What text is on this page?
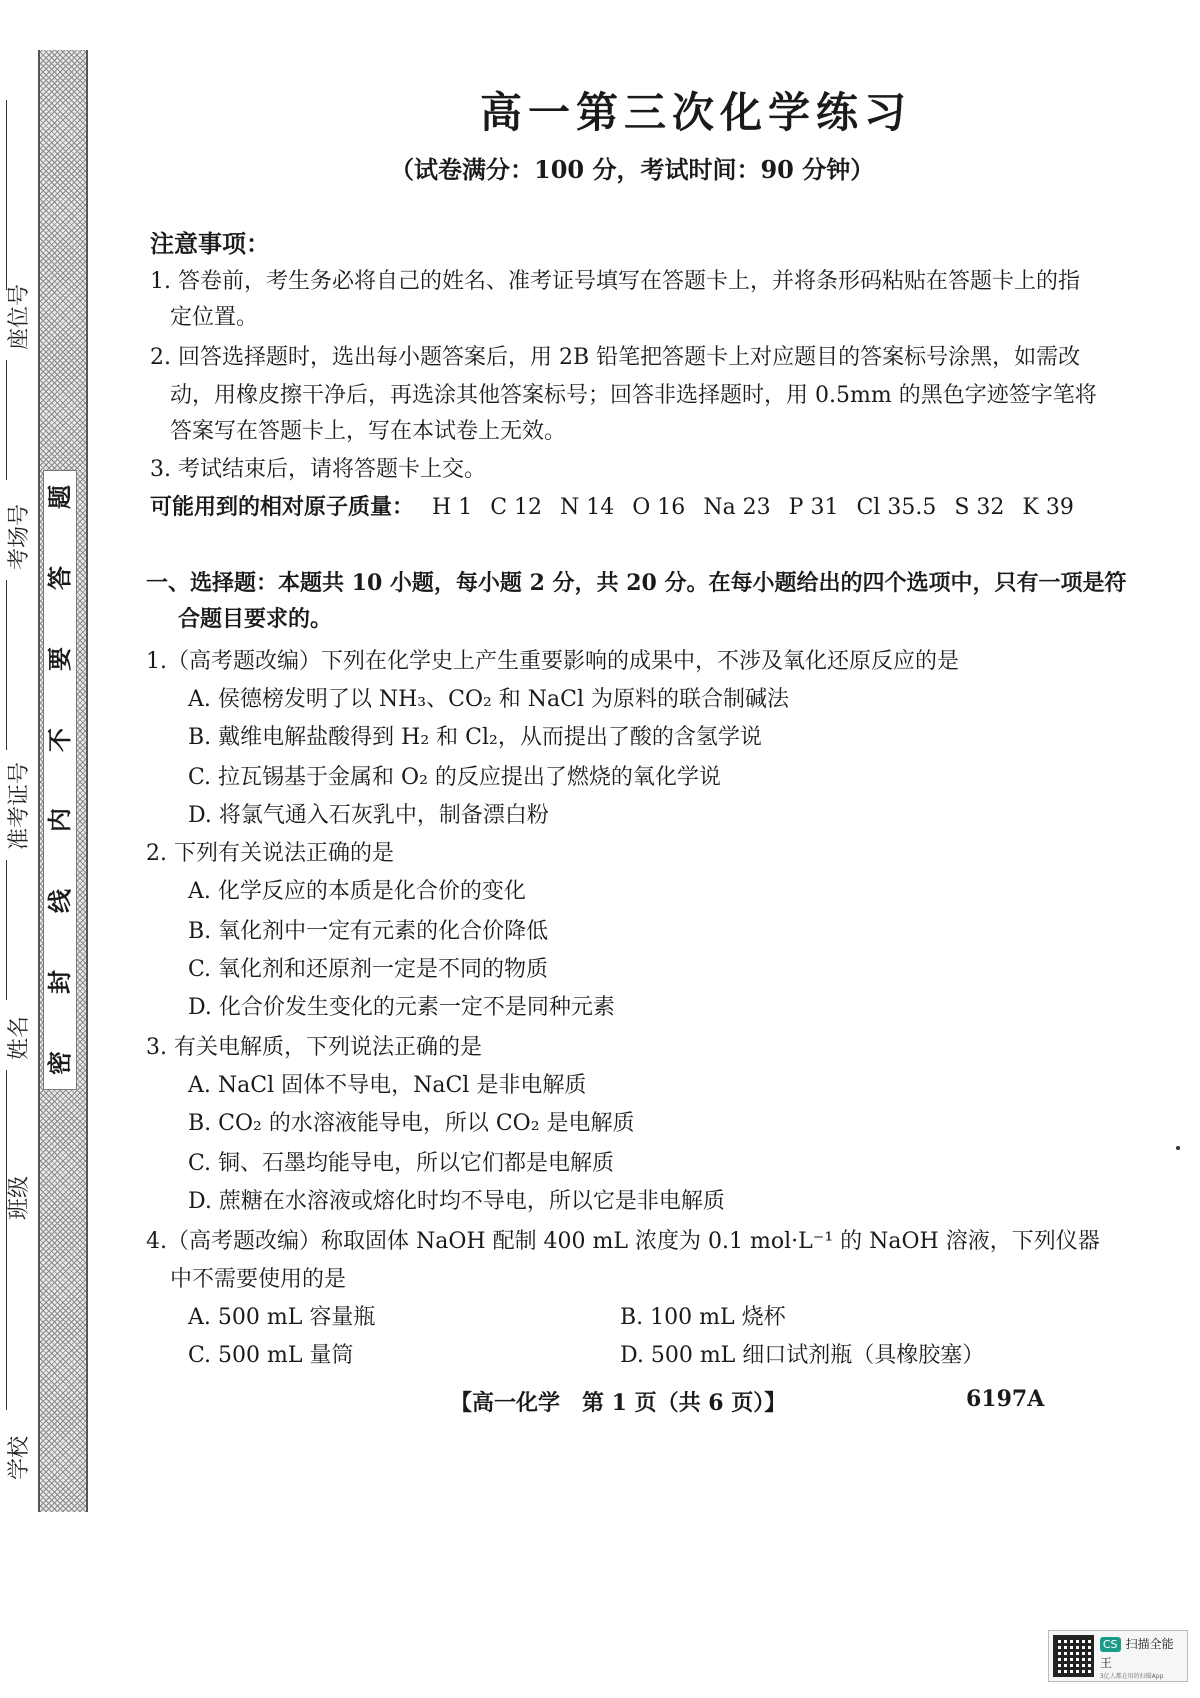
座位号
考场号
准考证号
姓名
班级
学校
题
答
要
不
内
线
封
密
高一第三次化学练习
（试卷满分：100 分，考试时间：90 分钟）
注意事项：
1. 答卷前，考生务必将自己的姓名、准考证号填写在答题卡上，并将条形码粘贴在答题卡上的指
定位置。
2. 回答选择题时，选出每小题答案后，用 2B 铅笔把答题卡上对应题目的答案标号涂黑，如需改
动，用橡皮擦干净后，再选涂其他答案标号；回答非选择题时，用 0.5mm 的黑色字迹签字笔将
答案写在答题卡上，写在本试卷上无效。
3. 考试结束后，请将答题卡上交。
可能用到的相对原子质量： H 1 C 12 N 14 O 16 Na 23 P 31 Cl 35.5 S 32 K 39
一、选择题：本题共 10 小题，每小题 2 分，共 20 分。在每小题给出的四个选项中，只有一项是符
合题目要求的。
1.（高考题改编）下列在化学史上产生重要影响的成果中，不涉及氧化还原反应的是
A. 侯德榜发明了以 NH₃、CO₂ 和 NaCl 为原料的联合制碱法
B. 戴维电解盐酸得到 H₂ 和 Cl₂，从而提出了酸的含氢学说
C. 拉瓦锡基于金属和 O₂ 的反应提出了燃烧的氧化学说
D. 将氯气通入石灰乳中，制备漂白粉
2. 下列有关说法正确的是
A. 化学反应的本质是化合价的变化
B. 氧化剂中一定有元素的化合价降低
C. 氧化剂和还原剂一定是不同的物质
D. 化合价发生变化的元素一定不是同种元素
3. 有关电解质，下列说法正确的是
A. NaCl 固体不导电，NaCl 是非电解质
B. CO₂ 的水溶液能导电，所以 CO₂ 是电解质
C. 铜、石墨均能导电，所以它们都是电解质
D. 蔗糖在水溶液或熔化时均不导电，所以它是非电解质
4.（高考题改编）称取固体 NaOH 配制 400 mL 浓度为 0.1 mol·L⁻¹ 的 NaOH 溶液，下列仪器
中不需要使用的是
A. 500 mL 容量瓶	B. 100 mL 烧杯
C. 500 mL 量筒	D. 500 mL 细口试剂瓶（具橡胶塞）
【高一化学　第 1 页（共 6 页）】	6197A
CS 扫描全能王
3亿人都在用的扫描App
